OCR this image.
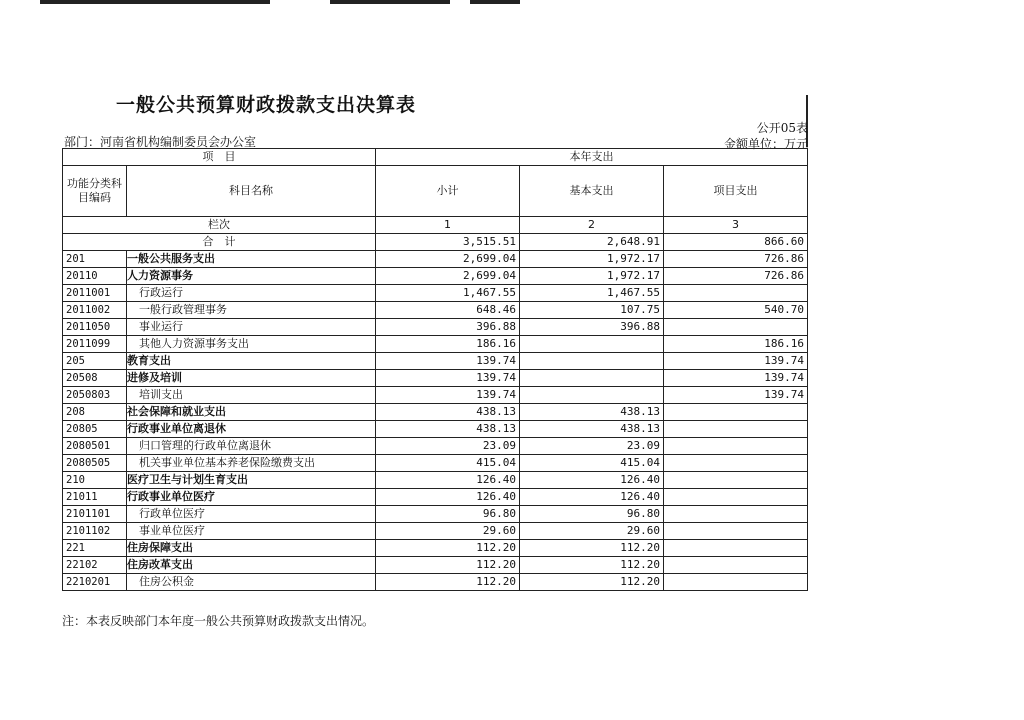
一般公共预算财政拨款支出决算表
公开05表
部门：河南省机构编制委员会办公室	金额单位：万元
项　目		本年支出		
功能分类科目编码	科目名称	小计	基本支出	项目支出
栏次		1	2	3
合　计		3,515.51	2,648.91	866.60
201	一般公共服务支出	2,699.04	1,972.17	726.86
20110	人力资源事务	2,699.04	1,972.17	726.86
2011001	行政运行	1,467.55	1,467.55	
2011002	一般行政管理事务	648.46	107.75	540.70
2011050	事业运行	396.88	396.88	
2011099	其他人力资源事务支出	186.16		186.16
205	教育支出	139.74		139.74
20508	进修及培训	139.74		139.74
2050803	培训支出	139.74		139.74
208	社会保障和就业支出	438.13	438.13	
20805	行政事业单位离退休	438.13	438.13	
2080501	归口管理的行政单位离退休	23.09	23.09	
2080505	机关事业单位基本养老保险缴费支出	415.04	415.04	
210	医疗卫生与计划生育支出	126.40	126.40	
21011	行政事业单位医疗	126.40	126.40	
2101101	行政单位医疗	96.80	96.80	
2101102	事业单位医疗	29.60	29.60	
221	住房保障支出	112.20	112.20	
22102	住房改革支出	112.20	112.20	
2210201	住房公积金	112.20	112.20	
注：本表反映部门本年度一般公共预算财政拨款支出情况。
